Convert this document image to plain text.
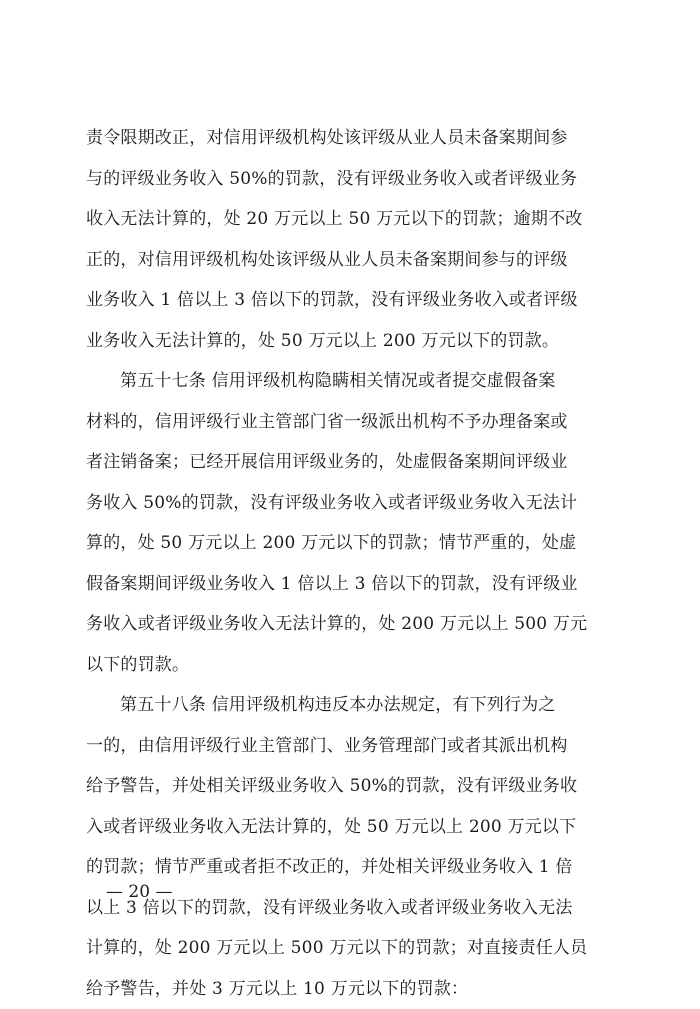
责令限期改正，对信用评级机构处该评级从业人员未备案期间参
与的评级业务收入 50%的罚款，没有评级业务收入或者评级业务
收入无法计算的，处 20 万元以上 50 万元以下的罚款；逾期不改
正的，对信用评级机构处该评级从业人员未备案期间参与的评级
业务收入 1 倍以上 3 倍以下的罚款，没有评级业务收入或者评级
业务收入无法计算的，处 50 万元以上 200 万元以下的罚款。
第五十七条 信用评级机构隐瞒相关情况或者提交虚假备案
材料的，信用评级行业主管部门省一级派出机构不予办理备案或
者注销备案；已经开展信用评级业务的，处虚假备案期间评级业
务收入 50%的罚款，没有评级业务收入或者评级业务收入无法计
算的，处 50 万元以上 200 万元以下的罚款；情节严重的，处虚
假备案期间评级业务收入 1 倍以上 3 倍以下的罚款，没有评级业
务收入或者评级业务收入无法计算的，处 200 万元以上 500 万元
以下的罚款。
第五十八条 信用评级机构违反本办法规定，有下列行为之
一的，由信用评级行业主管部门、业务管理部门或者其派出机构
给予警告，并处相关评级业务收入 50%的罚款，没有评级业务收
入或者评级业务收入无法计算的，处 50 万元以上 200 万元以下
的罚款；情节严重或者拒不改正的，并处相关评级业务收入 1 倍
以上 3 倍以下的罚款，没有评级业务收入或者评级业务收入无法
计算的，处 200 万元以上 500 万元以下的罚款；对直接责任人员
给予警告，并处 3 万元以上 10 万元以下的罚款：
— 20 —
